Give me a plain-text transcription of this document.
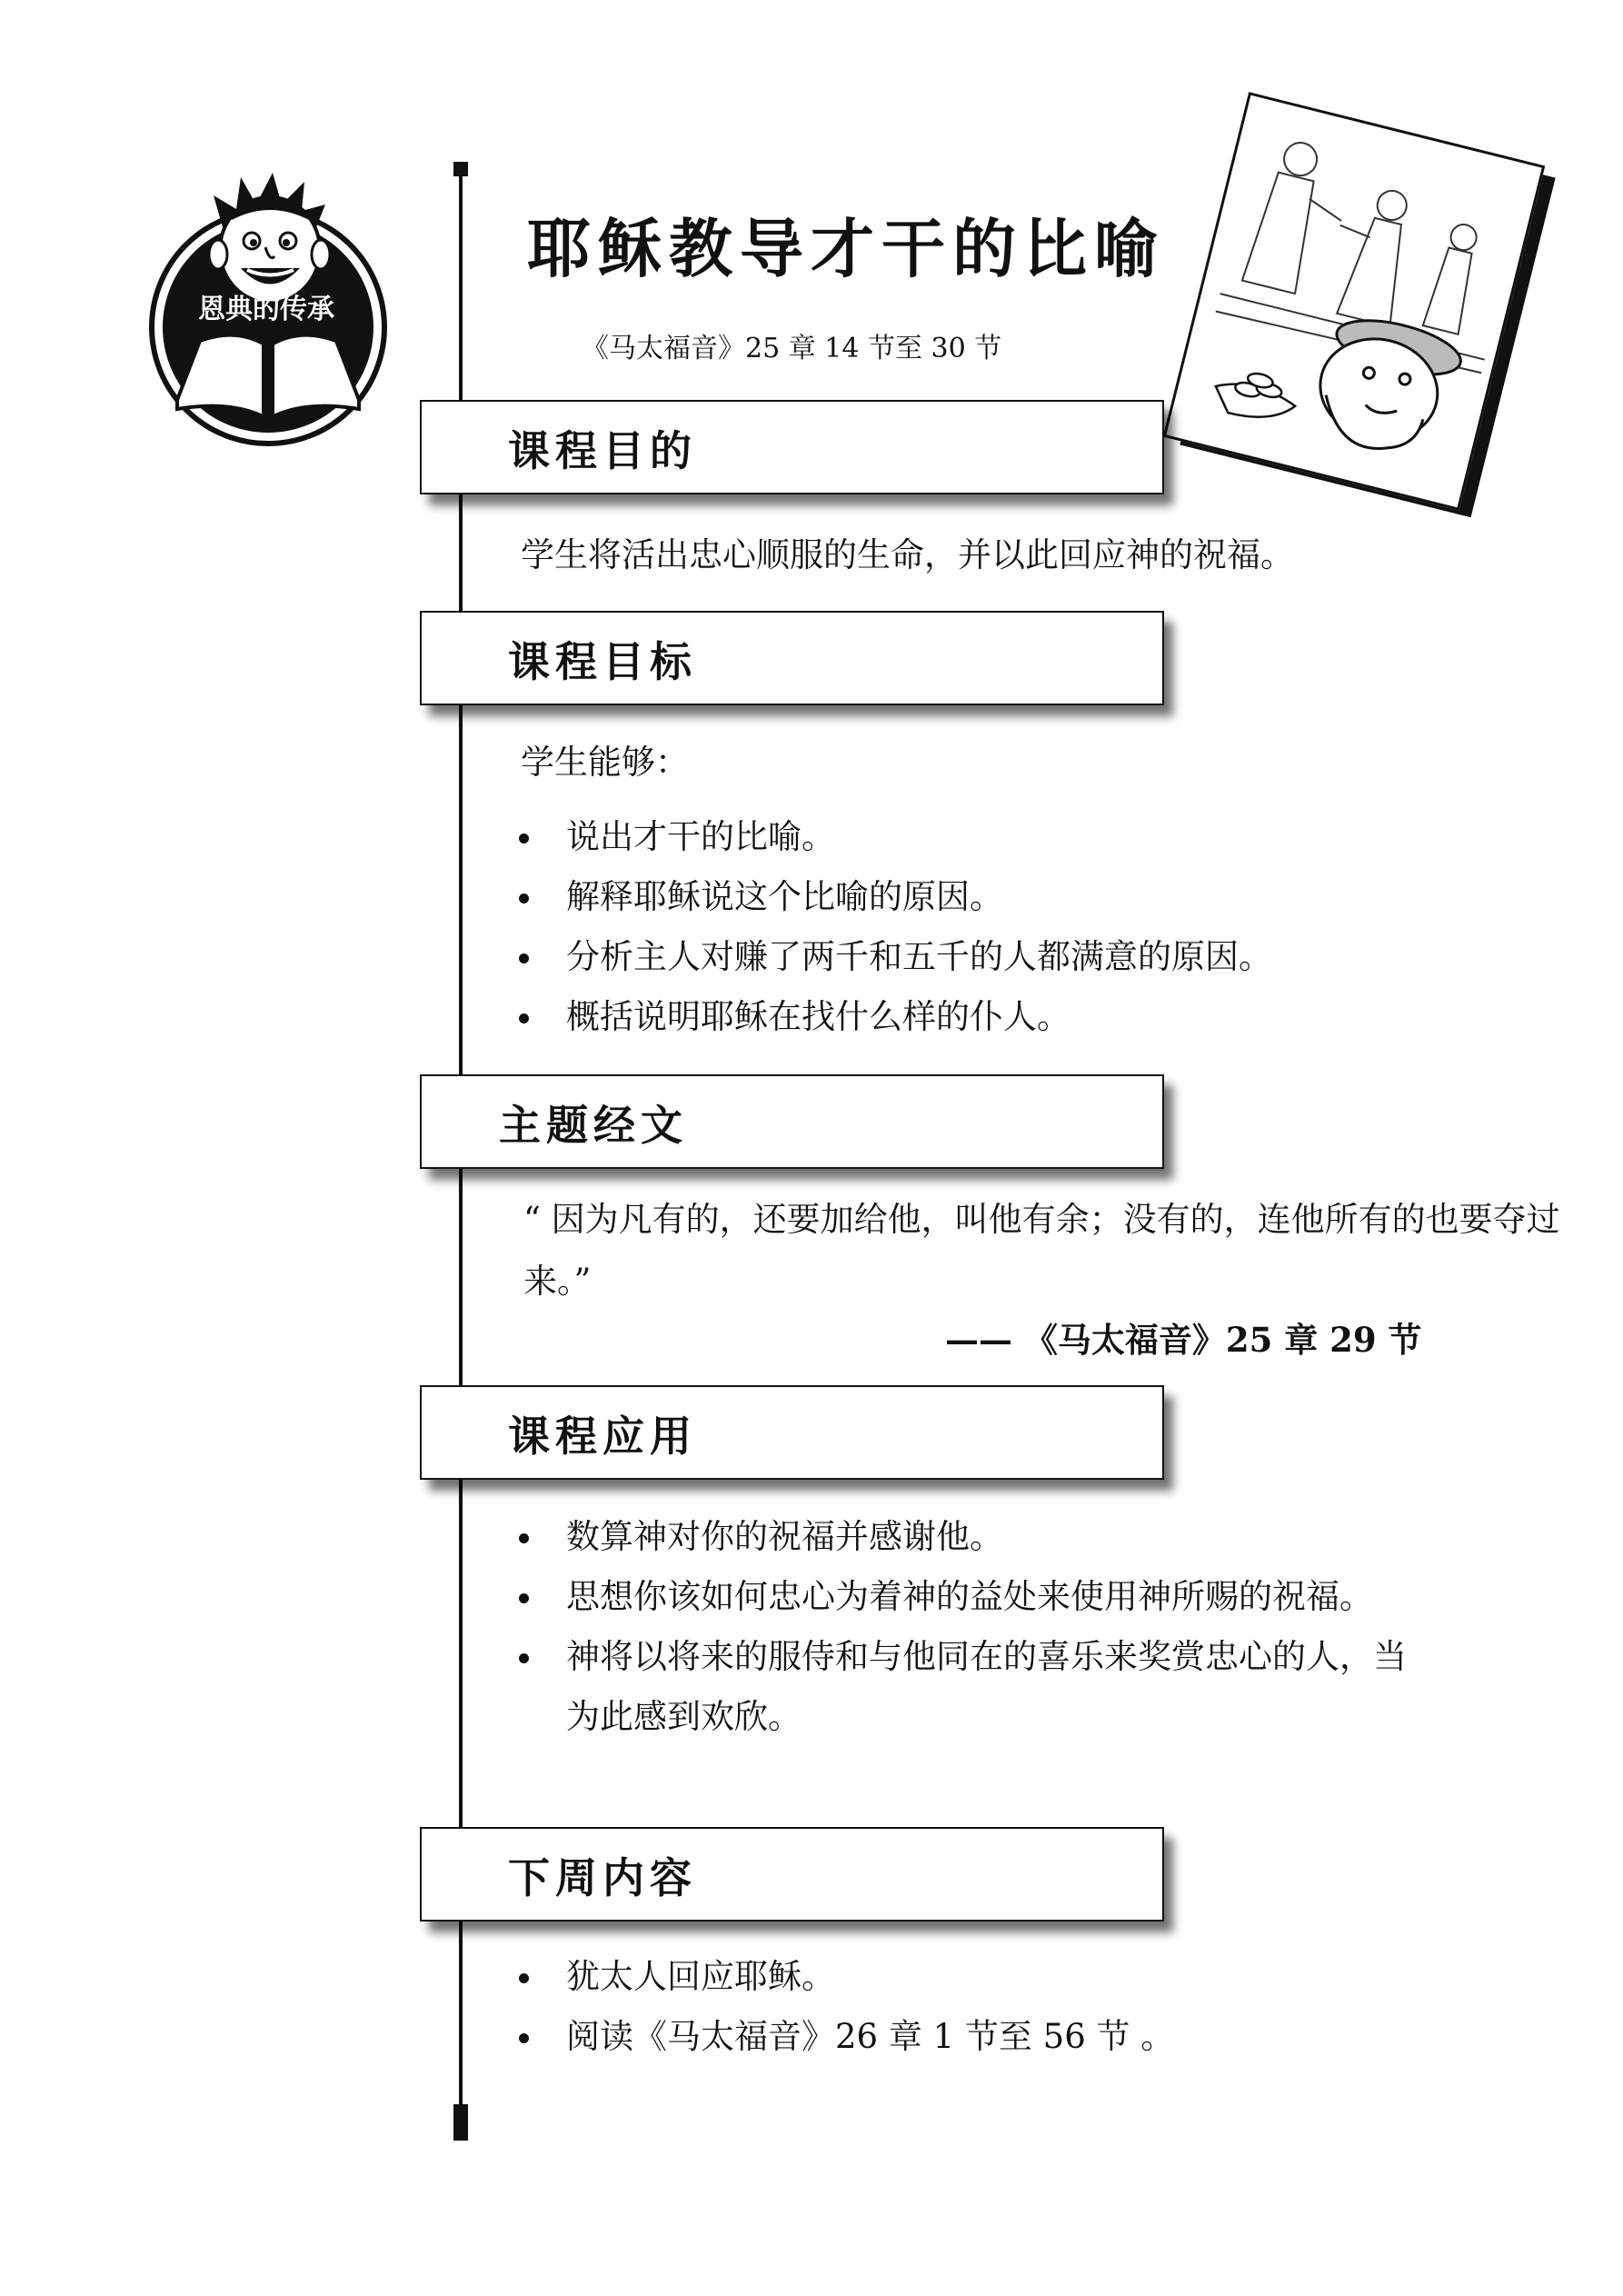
恩典的传承
耶稣教导才干的比喻
《马太福音》25 章 14 节至 30 节
课程目的
学生将活出忠心顺服的生命，并以此回应神的祝福。
课程目标
学生能够：
说出才干的比喻。
解释耶稣说这个比喻的原因。
分析主人对赚了两千和五千的人都满意的原因。
概括说明耶稣在找什么样的仆人。
主题经文
“ 因为凡有的，还要加给他，叫他有余；没有的，连他所有的也要夺过来。”
—— 《马太福音》25 章 29 节
课程应用
数算神对你的祝福并感谢他。
思想你该如何忠心为着神的益处来使用神所赐的祝福。
神将以将来的服侍和与他同在的喜乐来奖赏忠心的人，当为此感到欢欣。
下周内容
犹太人回应耶稣。
阅读《马太福音》26 章 1 节至 56 节 。
